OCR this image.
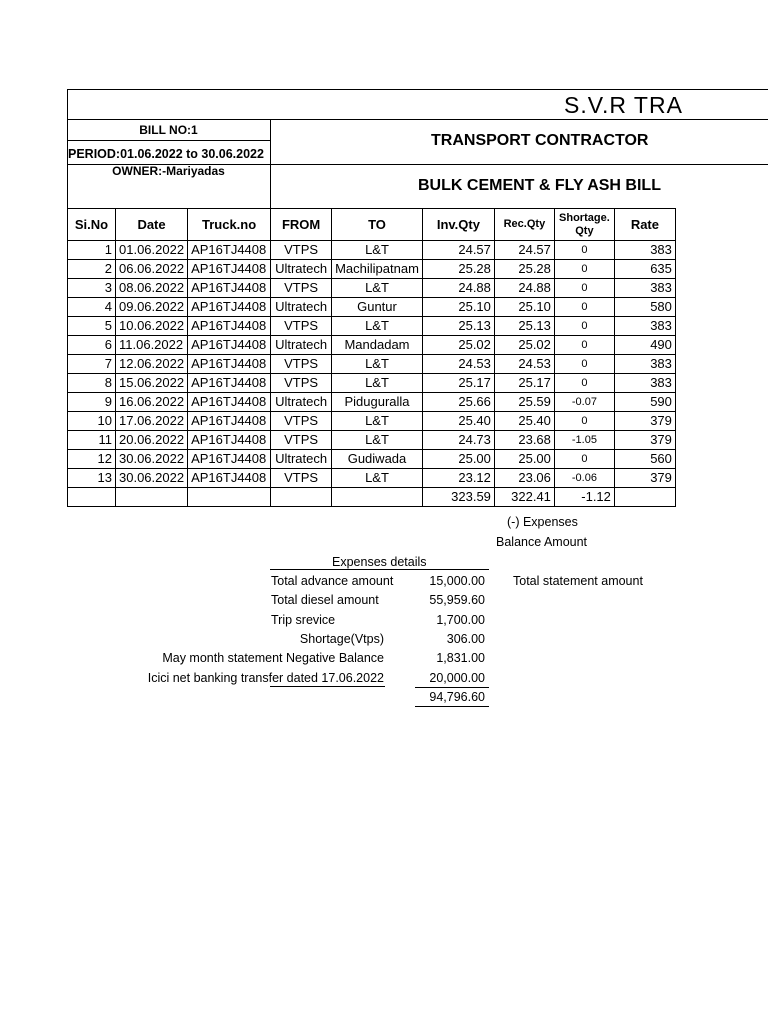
S.V.R TRA
BILL NO:1
PERIOD:01.06.2022 to 30.06.2022
OWNER:-Mariyadas
TRANSPORT CONTRACTOR
BULK CEMENT & FLY ASH BILL
Si.No	Date	Truck.no	FROM	TO	Inv.Qty	Rec.Qty	Shortage. Qty	Rate
1	01.06.2022	AP16TJ4408	VTPS	L&T	24.57	24.57	0	383
2	06.06.2022	AP16TJ4408	Ultratech	Machilipatnam	25.28	25.28	0	635
3	08.06.2022	AP16TJ4408	VTPS	L&T	24.88	24.88	0	383
4	09.06.2022	AP16TJ4408	Ultratech	Guntur	25.10	25.10	0	580
5	10.06.2022	AP16TJ4408	VTPS	L&T	25.13	25.13	0	383
6	11.06.2022	AP16TJ4408	Ultratech	Mandadam	25.02	25.02	0	490
7	12.06.2022	AP16TJ4408	VTPS	L&T	24.53	24.53	0	383
8	15.06.2022	AP16TJ4408	VTPS	L&T	25.17	25.17	0	383
9	16.06.2022	AP16TJ4408	Ultratech	Piduguralla	25.66	25.59	-0.07	590
10	17.06.2022	AP16TJ4408	VTPS	L&T	25.40	25.40	0	379
11	20.06.2022	AP16TJ4408	VTPS	L&T	24.73	23.68	-1.05	379
12	30.06.2022	AP16TJ4408	Ultratech	Gudiwada	25.00	25.00	0	560
13	30.06.2022	AP16TJ4408	VTPS	L&T	23.12	23.06	-0.06	379
					323.59	322.41	-1.12	
(-) Expenses
Balance Amount
Total statement amount
Expenses details
Total advance amount	15,000.00
Total diesel amount	55,959.60
Trip srevice	1,700.00
Shortage(Vtps)	306.00
May month statement Negative Balance	1,831.00
Icici net banking transfer dated 17.06.2022	20,000.00
94,796.60
